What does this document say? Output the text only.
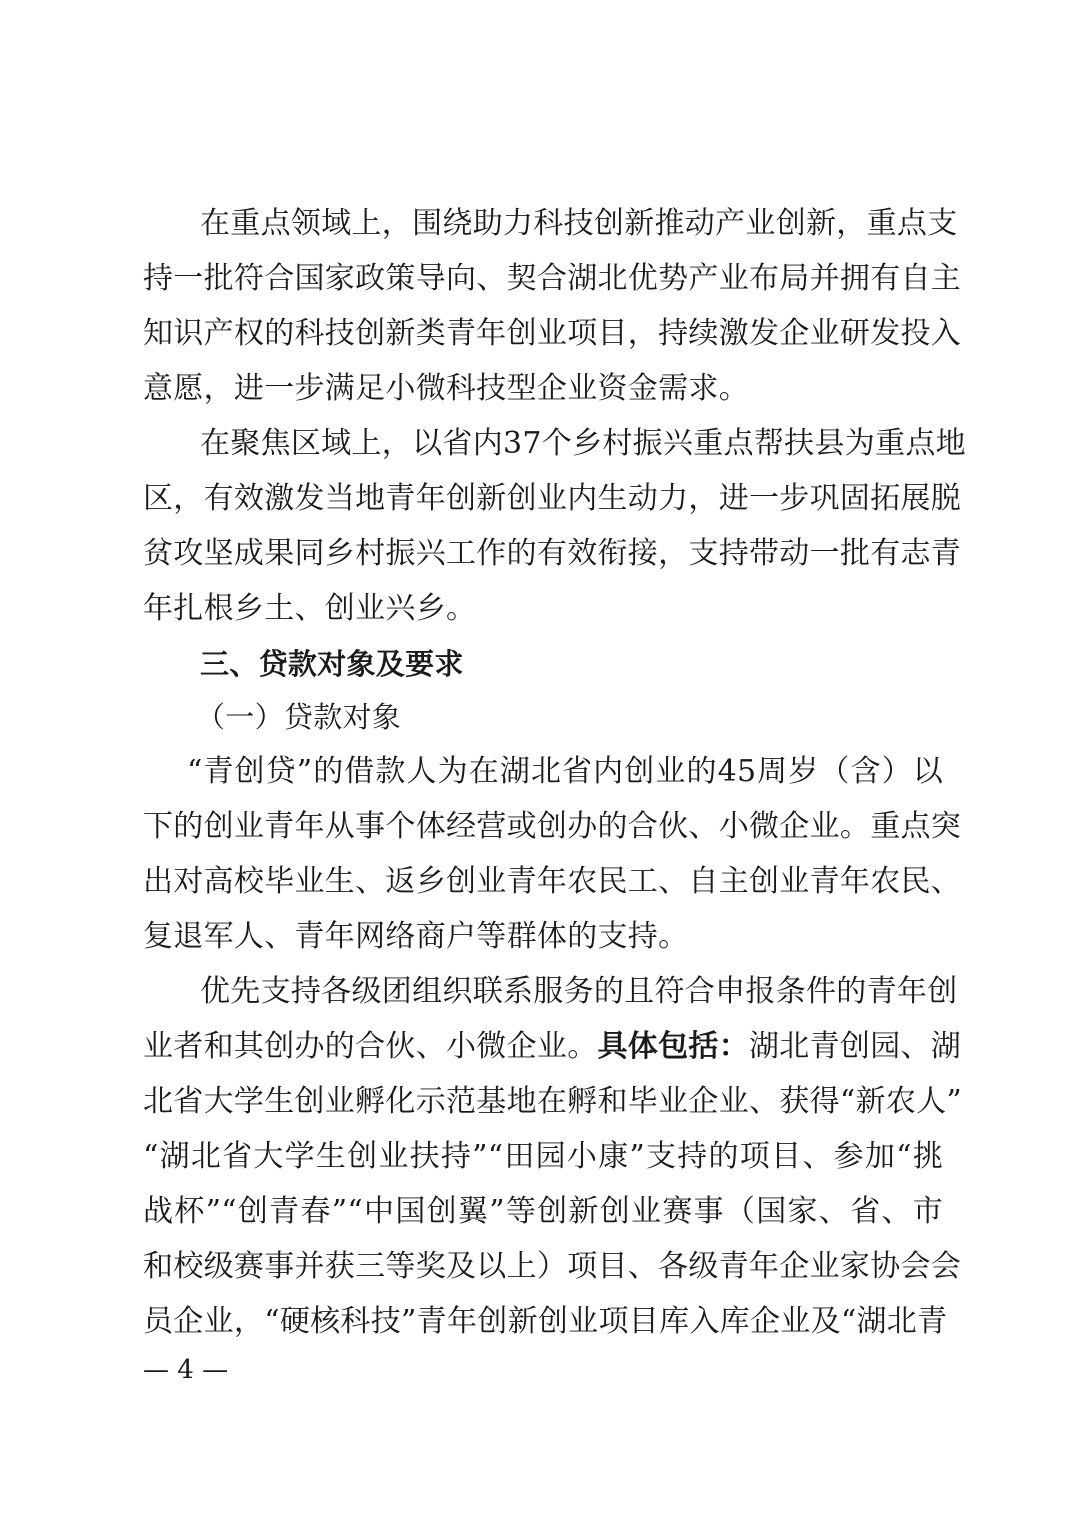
在重点领域上，围绕助力科技创新推动产业创新，重点支
持一批符合国家政策导向、契合湖北优势产业布局并拥有自主
知识产权的科技创新类青年创业项目，持续激发企业研发投入
意愿，进一步满足小微科技型企业资金需求。
在聚焦区域上，以省内37个乡村振兴重点帮扶县为重点地
区，有效激发当地青年创新创业内生动力，进一步巩固拓展脱
贫攻坚成果同乡村振兴工作的有效衔接，支持带动一批有志青
年扎根乡土、创业兴乡。
三、贷款对象及要求
（一）贷款对象
“青创贷”的借款人为在湖北省内创业的45周岁（含）以
下的创业青年从事个体经营或创办的合伙、小微企业。重点突
出对高校毕业生、返乡创业青年农民工、自主创业青年农民、
复退军人、青年网络商户等群体的支持。
优先支持各级团组织联系服务的且符合申报条件的青年创
业者和其创办的合伙、小微企业。具体包括：湖北青创园、湖
北省大学生创业孵化示范基地在孵和毕业企业、获得“新农人”
“湖北省大学生创业扶持”“田园小康”支持的项目、参加“挑
战杯”“创青春”“中国创翼”等创新创业赛事（国家、省、市
和校级赛事并获三等奖及以上）项目、各级青年企业家协会会
员企业，“硬核科技”青年创新创业项目库入库企业及“湖北青
— 4 —
